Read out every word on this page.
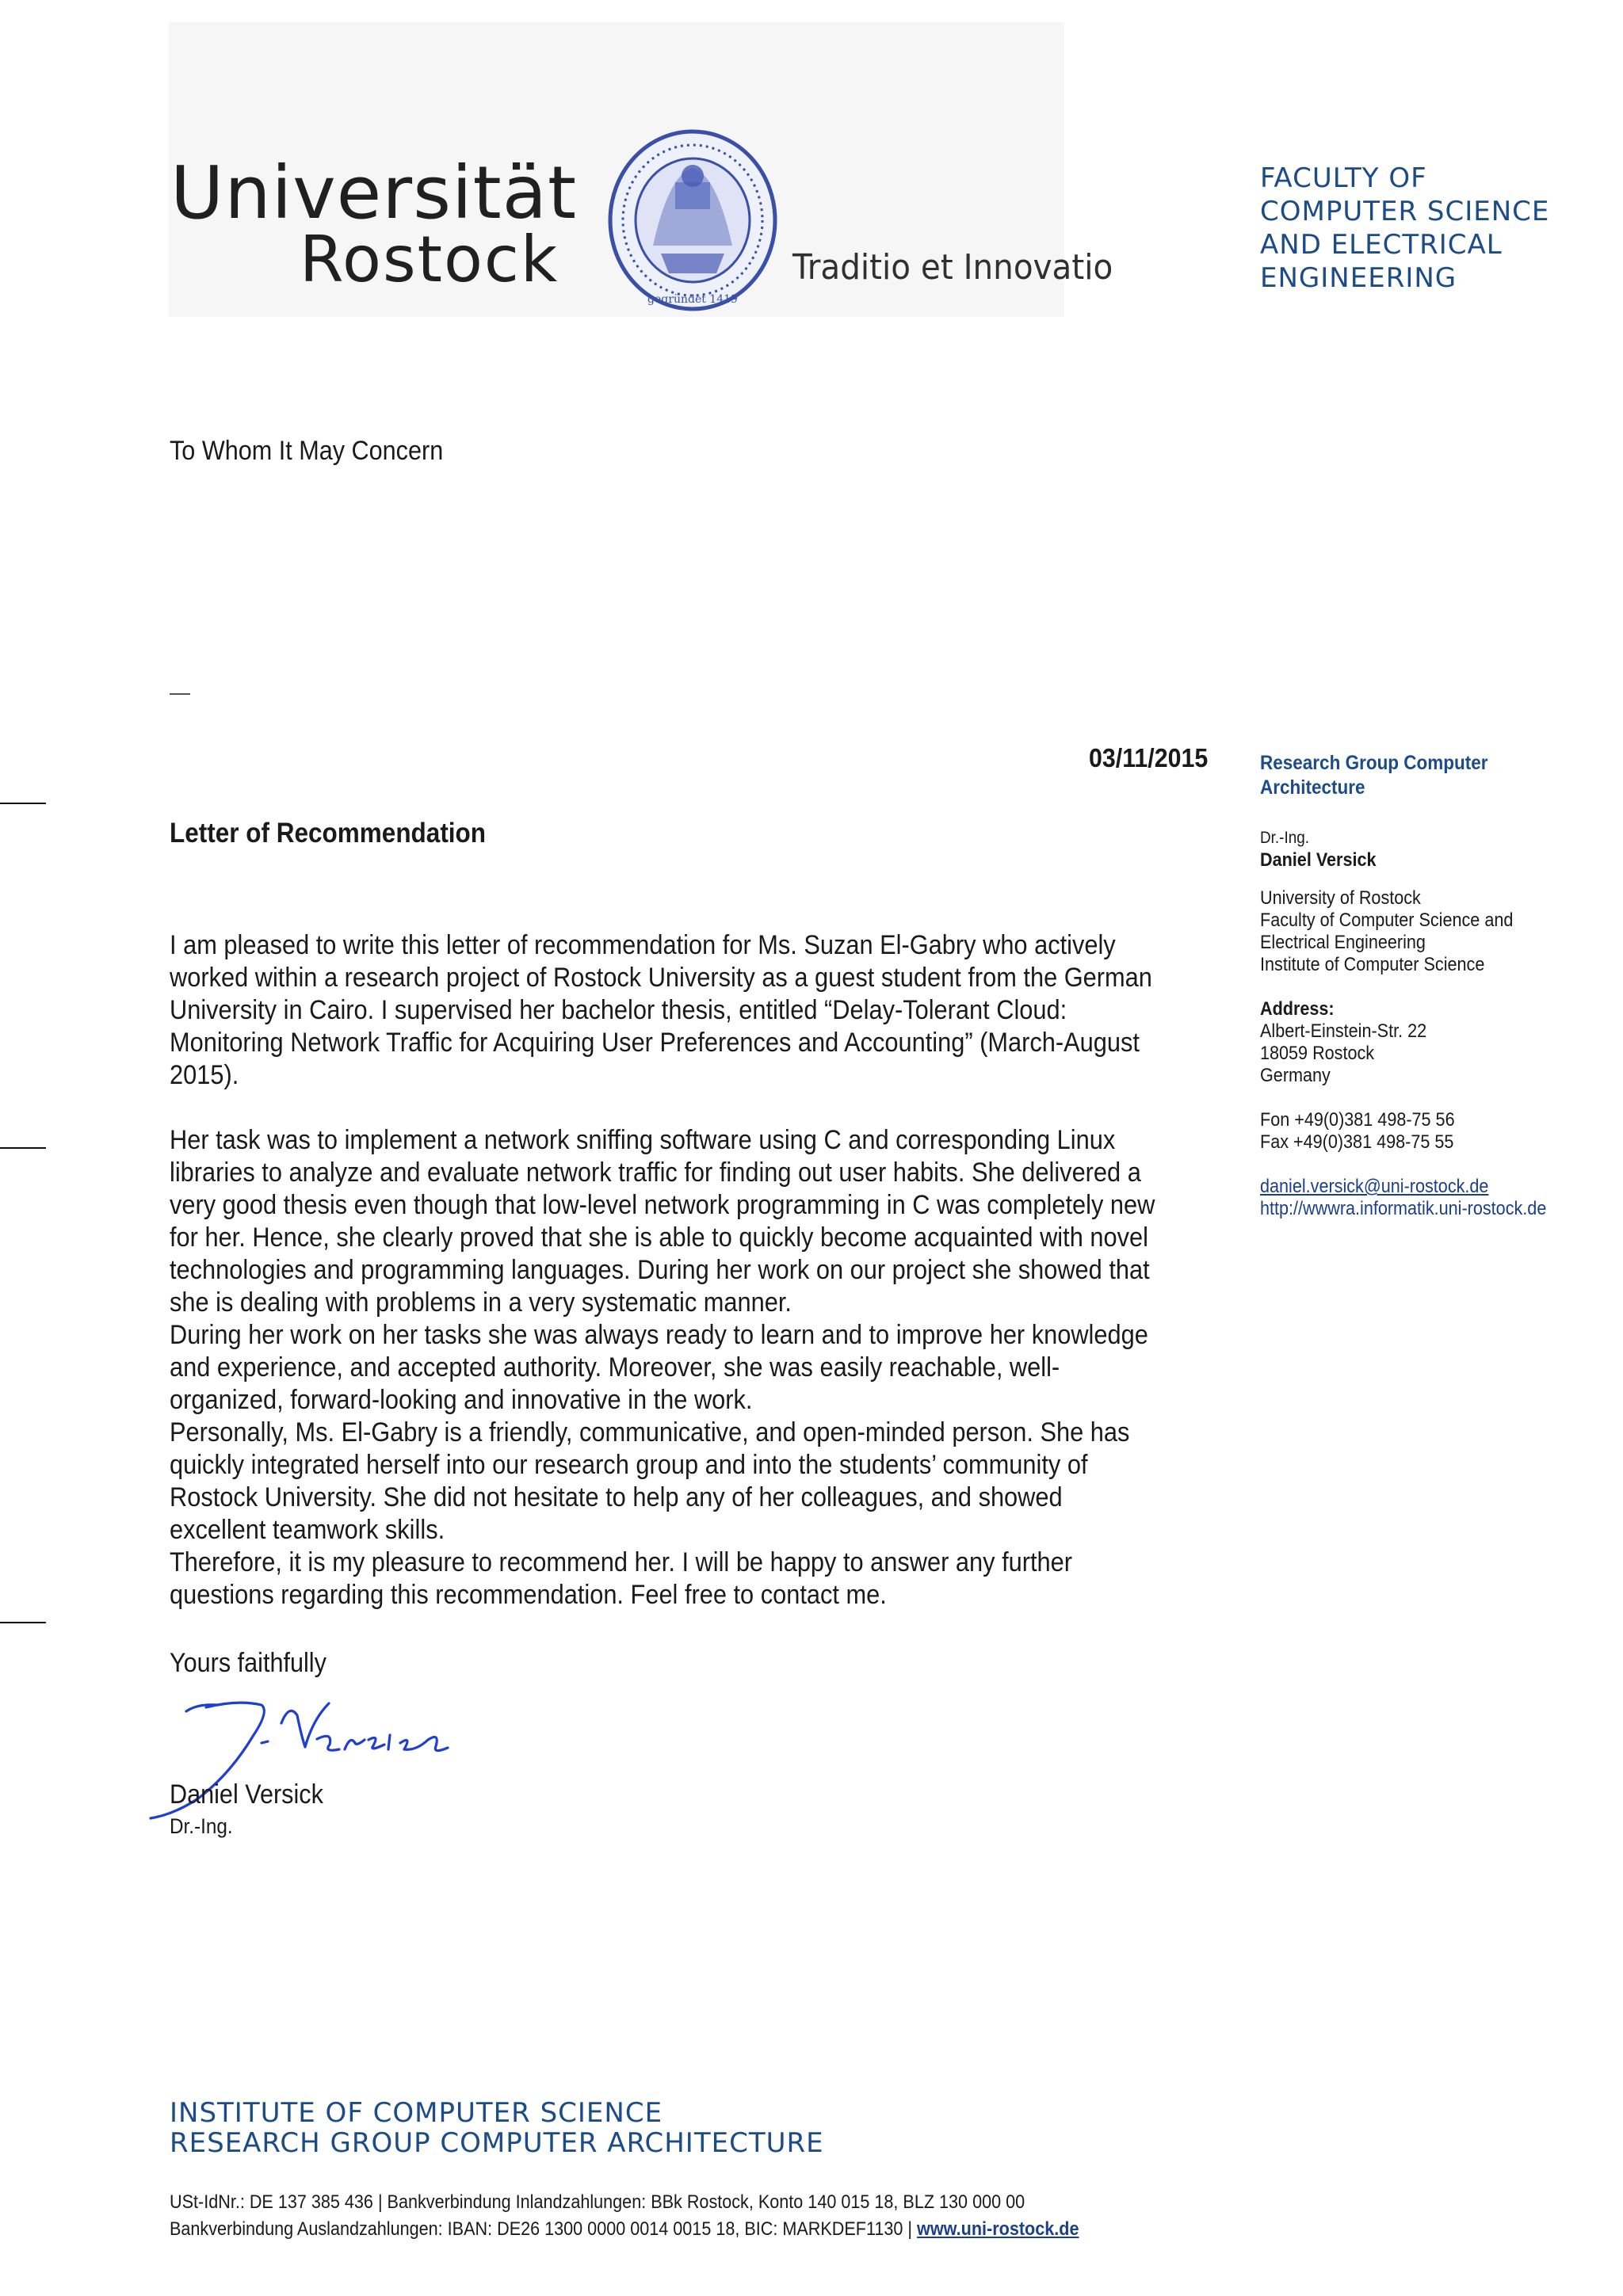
Universität
Rostock
gegründet 1419
Traditio et Innovatio
FACULTY OF
COMPUTER SCIENCE
AND ELECTRICAL
ENGINEERING
To Whom It May Concern
03/11/2015
Letter of Recommendation

I am pleased to write this letter of recommendation for Ms. Suzan El-Gabry who actively worked within a research project of Rostock University as a guest student from the German University in Cairo. I supervised her bachelor thesis, entitled “Delay-Tolerant Cloud: Monitoring Network Traffic for Acquiring User Preferences and Accounting” (March-August 2015).

Her task was to implement a network sniffing software using C and corresponding Linux libraries to analyze and evaluate network traffic for finding out user habits. She delivered a very good thesis even though that low-level network programming in C was completely new for her. Hence, she clearly proved that she is able to quickly become acquainted with novel technologies and programming languages. During her work on our project she showed that she is dealing with problems in a very systematic manner.

During her work on her tasks she was always ready to learn and to improve her knowledge and experience, and accepted authority. Moreover, she was easily reachable, well-organized, forward-looking and innovative in the work.

Personally, Ms. El-Gabry is a friendly, communicative, and open-minded person. She has quickly integrated herself into our research group and into the students’ community of Rostock University. She did not hesitate to help any of her colleagues, and showed excellent teamwork skills.

Therefore, it is my pleasure to recommend her. I will be happy to answer any further questions regarding this recommendation. Feel free to contact me.

Yours faithfully
Daniel Versick
Dr.-Ing.
Research Group Computer Architecture
Dr.-Ing.
Daniel Versick
University of Rostock
Faculty of Computer Science and
Electrical Engineering
Institute of Computer Science
Address:
Albert-Einstein-Str. 22
18059 Rostock
Germany
Fon +49(0)381 498-75 56
Fax +49(0)381 498-75 55
daniel.versick@uni-rostock.de
http://wwwra.informatik.uni-rostock.de
INSTITUTE OF COMPUTER SCIENCE
RESEARCH GROUP COMPUTER ARCHITECTURE
USt-IdNr.: DE 137 385 436 | Bankverbindung Inlandzahlungen: BBk Rostock, Konto 140 015 18, BLZ 130 000 00
Bankverbindung Auslandzahlungen: IBAN: DE26 1300 0000 0014 0015 18, BIC: MARKDEF1130 | www.uni-rostock.de
